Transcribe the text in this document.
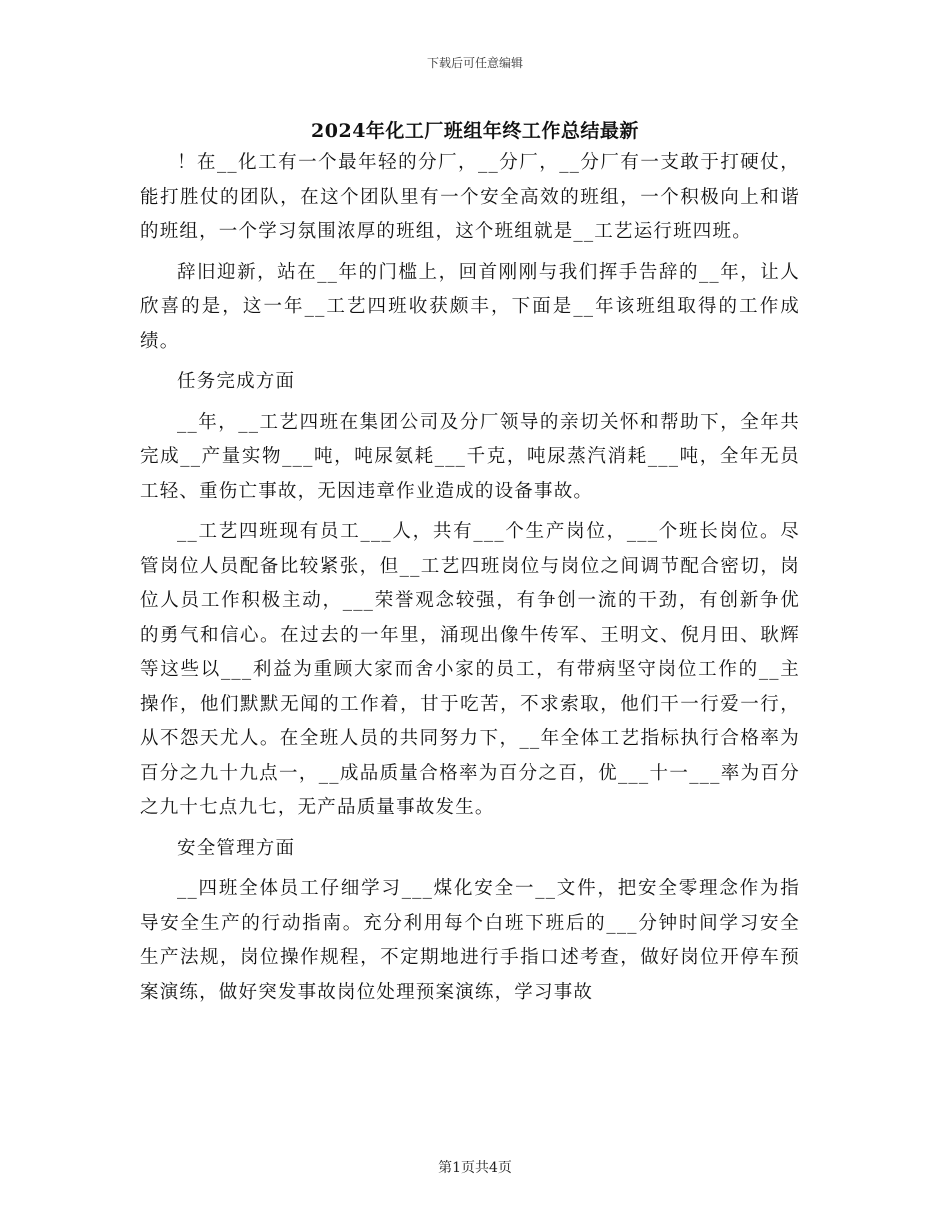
下载后可任意编辑
2024年化工厂班组年终工作总结最新

！在__化工有一个最年轻的分厂，__分厂，__分厂有一支敢于打硬仗，能打胜仗的团队，在这个团队里有一个安全高效的班组，一个积极向上和谐的班组，一个学习氛围浓厚的班组，这个班组就是__工艺运行班四班。

辞旧迎新，站在__年的门槛上，回首刚刚与我们挥手告辞的__年，让人欣喜的是，这一年__工艺四班收获颇丰，下面是__年该班组取得的工作成绩。

任务完成方面

__年，__工艺四班在集团公司及分厂领导的亲切关怀和帮助下，全年共完成__产量实物___吨，吨尿氨耗___千克，吨尿蒸汽消耗___吨，全年无员工轻、重伤亡事故，无因违章作业造成的设备事故。

__工艺四班现有员工___人，共有___个生产岗位，___个班长岗位。尽管岗位人员配备比较紧张，但__工艺四班岗位与岗位之间调节配合密切，岗位人员工作积极主动，___荣誉观念较强，有争创一流的干劲，有创新争优的勇气和信心。在过去的一年里，涌现出像牛传军、王明文、倪月田、耿辉等这些以___利益为重顾大家而舍小家的员工，有带病坚守岗位工作的__主操作，他们默默无闻的工作着，甘于吃苦，不求索取，他们干一行爱一行，从不怨天尤人。在全班人员的共同努力下，__年全体工艺指标执行合格率为百分之九十九点一，__成品质量合格率为百分之百，优___十一___率为百分之九十七点九七，无产品质量事故发生。

安全管理方面

__四班全体员工仔细学习___煤化安全一__文件，把安全零理念作为指导安全生产的行动指南。充分利用每个白班下班后的___分钟时间学习安全生产法规，岗位操作规程，不定期地进行手指口述考查，做好岗位开停车预案演练，做好突发事故岗位处理预案演练，学习事故

第1页共4页
